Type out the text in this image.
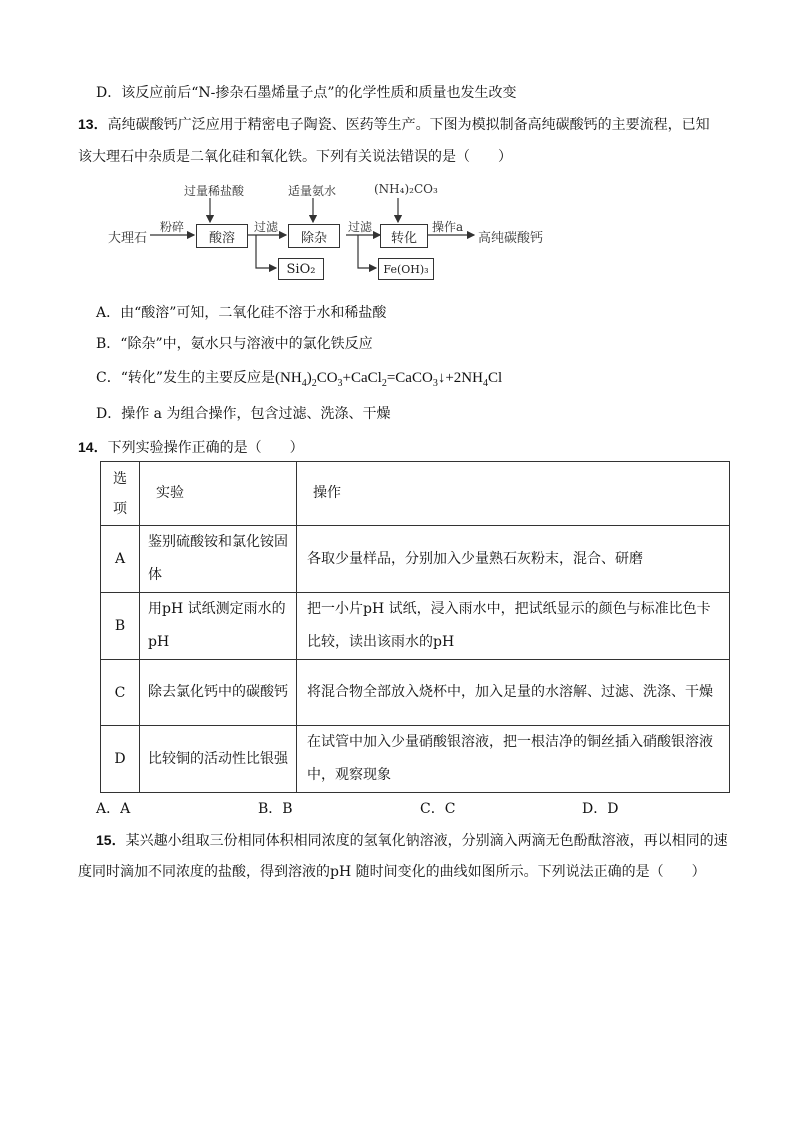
D．该反应前后“N-掺杂石墨烯量子点”的化学性质和质量也发生改变
13．高纯碳酸钙广泛应用于精密电子陶瓷、医药等生产。下图为模拟制备高纯碳酸钙的主要流程，已知
该大理石中杂质是二氧化硅和氧化铁。下列有关说法错误的是（　　）
大理石
粉碎
过量稀盐酸
酸溶
过滤
适量氨水
除杂
过滤
(NH₄)₂CO₃
转化
操作a
高纯碳酸钙
SiO₂	Fe(OH)₃
A．由“酸溶”可知，二氧化硅不溶于水和稀盐酸
B．“除杂”中，氨水只与溶液中的氯化铁反应
C．“转化”发生的主要反应是$(NH_4)_2CO_3+CaCl_2=CaCO_3↓+2NH_4Cl$
D．操作 a 为组合操作，包含过滤、洗涤、干燥
14．下列实验操作正确的是（　　）
选项	实验	操作
A	鉴别硫酸铵和氯化铵固体	各取少量样品，分别加入少量熟石灰粉末，混合、研磨
B	用pH 试纸测定雨水的pH	把一小片pH 试纸，浸入雨水中，把试纸显示的颜色与标准比色卡比较，读出该雨水的pH
C	除去氯化钙中的碳酸钙	将混合物全部放入烧杯中，加入足量的水溶解、过滤、洗涤、干燥
D	比较铜的活动性比银强	在试管中加入少量硝酸银溶液，把一根洁净的铜丝插入硝酸银溶液中，观察现象
A．A	B．B	C．C	D．D
15．某兴趣小组取三份相同体积相同浓度的氢氧化钠溶液，分别滴入两滴无色酚酞溶液，再以相同的速
度同时滴加不同浓度的盐酸，得到溶液的pH 随时间变化的曲线如图所示。下列说法正确的是（　　）
